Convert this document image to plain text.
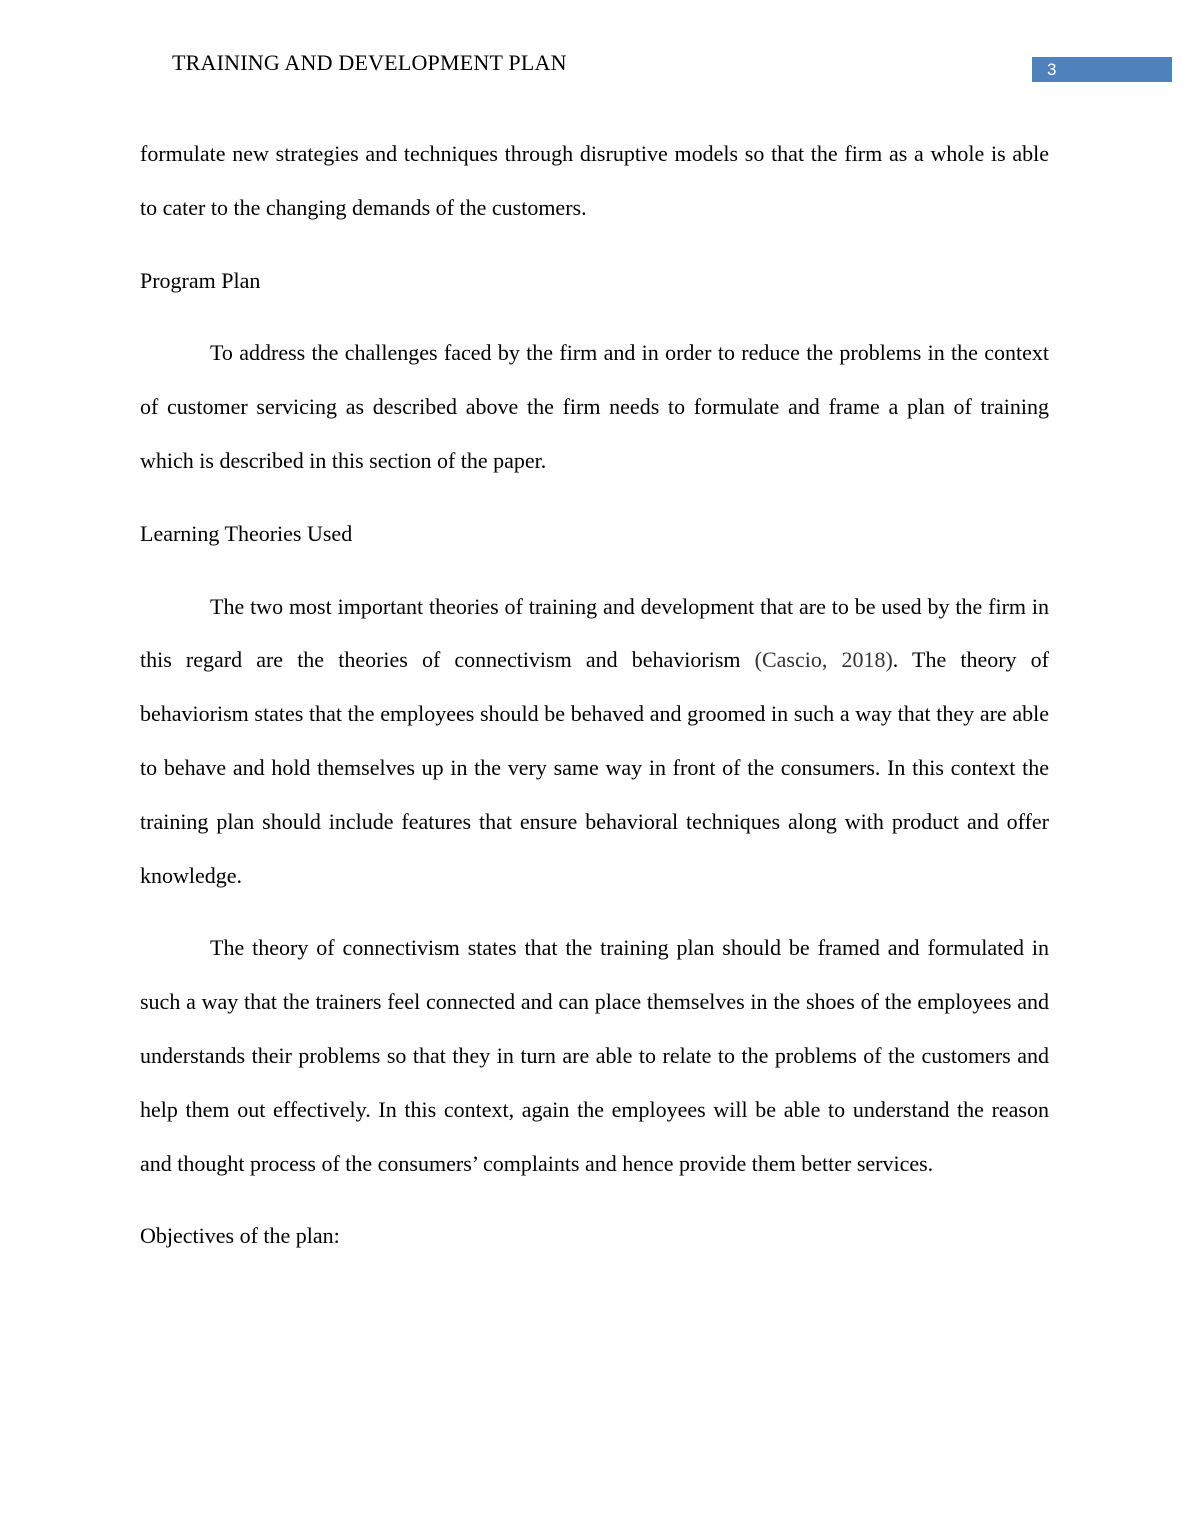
TRAINING AND DEVELOPMENT PLAN	3

formulate new strategies and techniques through disruptive models so that the firm as a whole is able to cater to the changing demands of the customers.

Program Plan

To address the challenges faced by the firm and in order to reduce the problems in the context of customer servicing as described above the firm needs to formulate and frame a plan of training which is described in this section of the paper.

Learning Theories Used

The two most important theories of training and development that are to be used by the firm in this regard are the theories of connectivism and behaviorism (Cascio, 2018). The theory of behaviorism states that the employees should be behaved and groomed in such a way that they are able to behave and hold themselves up in the very same way in front of the consumers. In this context the training plan should include features that ensure behavioral techniques along with product and offer knowledge.

The theory of connectivism states that the training plan should be framed and formulated in such a way that the trainers feel connected and can place themselves in the shoes of the employees and understands their problems so that they in turn are able to relate to the problems of the customers and help them out effectively. In this context, again the employees will be able to understand the reason and thought process of the consumers’ complaints and hence provide them better services.

Objectives of the plan:
